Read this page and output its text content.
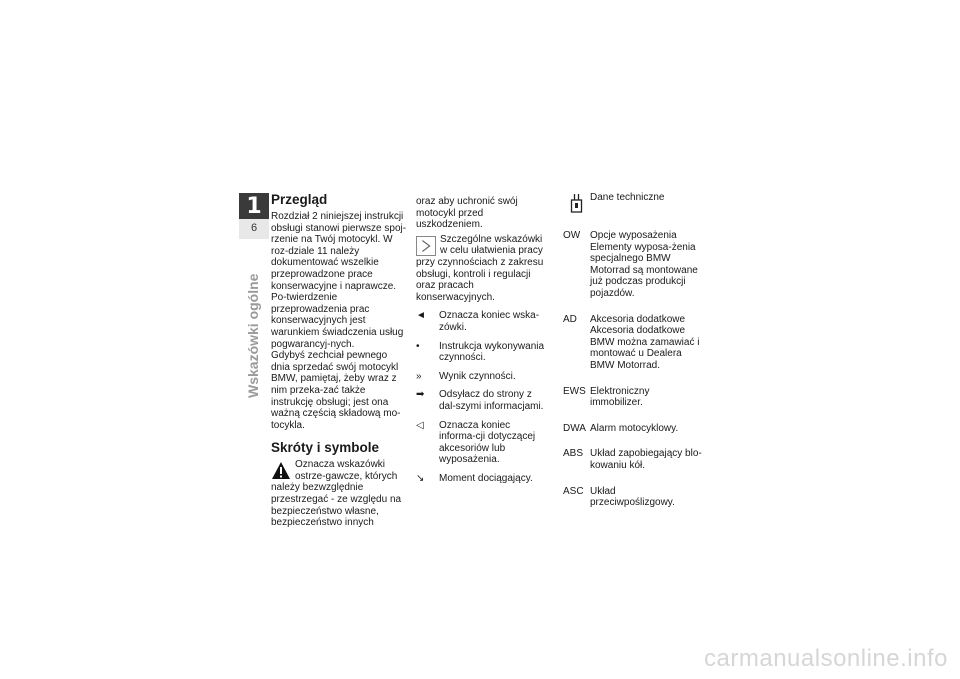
1
6
Wskazówki ogólne
Przegląd

Rozdział 2 niniejszej instrukcji obsługi stanowi pierwsze spoj-rzenie na Twój motocykl. W roz-dziale 11 należy dokumentować wszelkie przeprowadzone prace konserwacyjne i naprawcze. Po-twierdzenie przeprowadzenia prac konserwacyjnych jest warunkiem świadczenia usług pogwarancyj-nych.

Gdybyś zechciał pewnego dnia sprzedać swój motocykl BMW, pamiętaj, żeby wraz z nim przeka-zać także instrukcję obsługi; jest ona ważną częścią składową mo-tocykla.

Skróty i symbole

Oznacza wskazówki ostrze-gawcze, których należy bezwzględnie przestrzegać - ze względu na bezpieczeństwo własne, bezpieczeństwo innych

oraz aby uchronić swój motocykl przed uszkodzeniem.

Szczególne wskazówki w celu ułatwienia pracy przy czynnościach z zakresu obsługi, kontroli i regulacji oraz pracach konserwacyjnych.

◄	Oznacza koniec wska-zówki.
•	Instrukcja wykonywania czynności.
»	Wynik czynności.
➡	Odsyłacz do strony z dal-szymi informacjami.
◁	Oznacza koniec informa-cji dotyczącej akcesoriów lub wyposażenia.
↘	Moment dociągający.
Dane techniczne
OW Opcje wyposażenia Elementy wyposa-żenia specjalnego BMW Motorrad są montowane już podczas produkcji pojazdów.
AD	Akcesoria dodatkowe Akcesoria dodatkowe BMW można zamawiać i montować u Dealera BMW Motorrad.
EWS Elektroniczny immobilizer.
DWA Alarm motocyklowy.
ABS Układ zapobiegający blo-kowaniu kół.
ASC Układ przeciwpoślizgowy.
carmanualsonline.info
